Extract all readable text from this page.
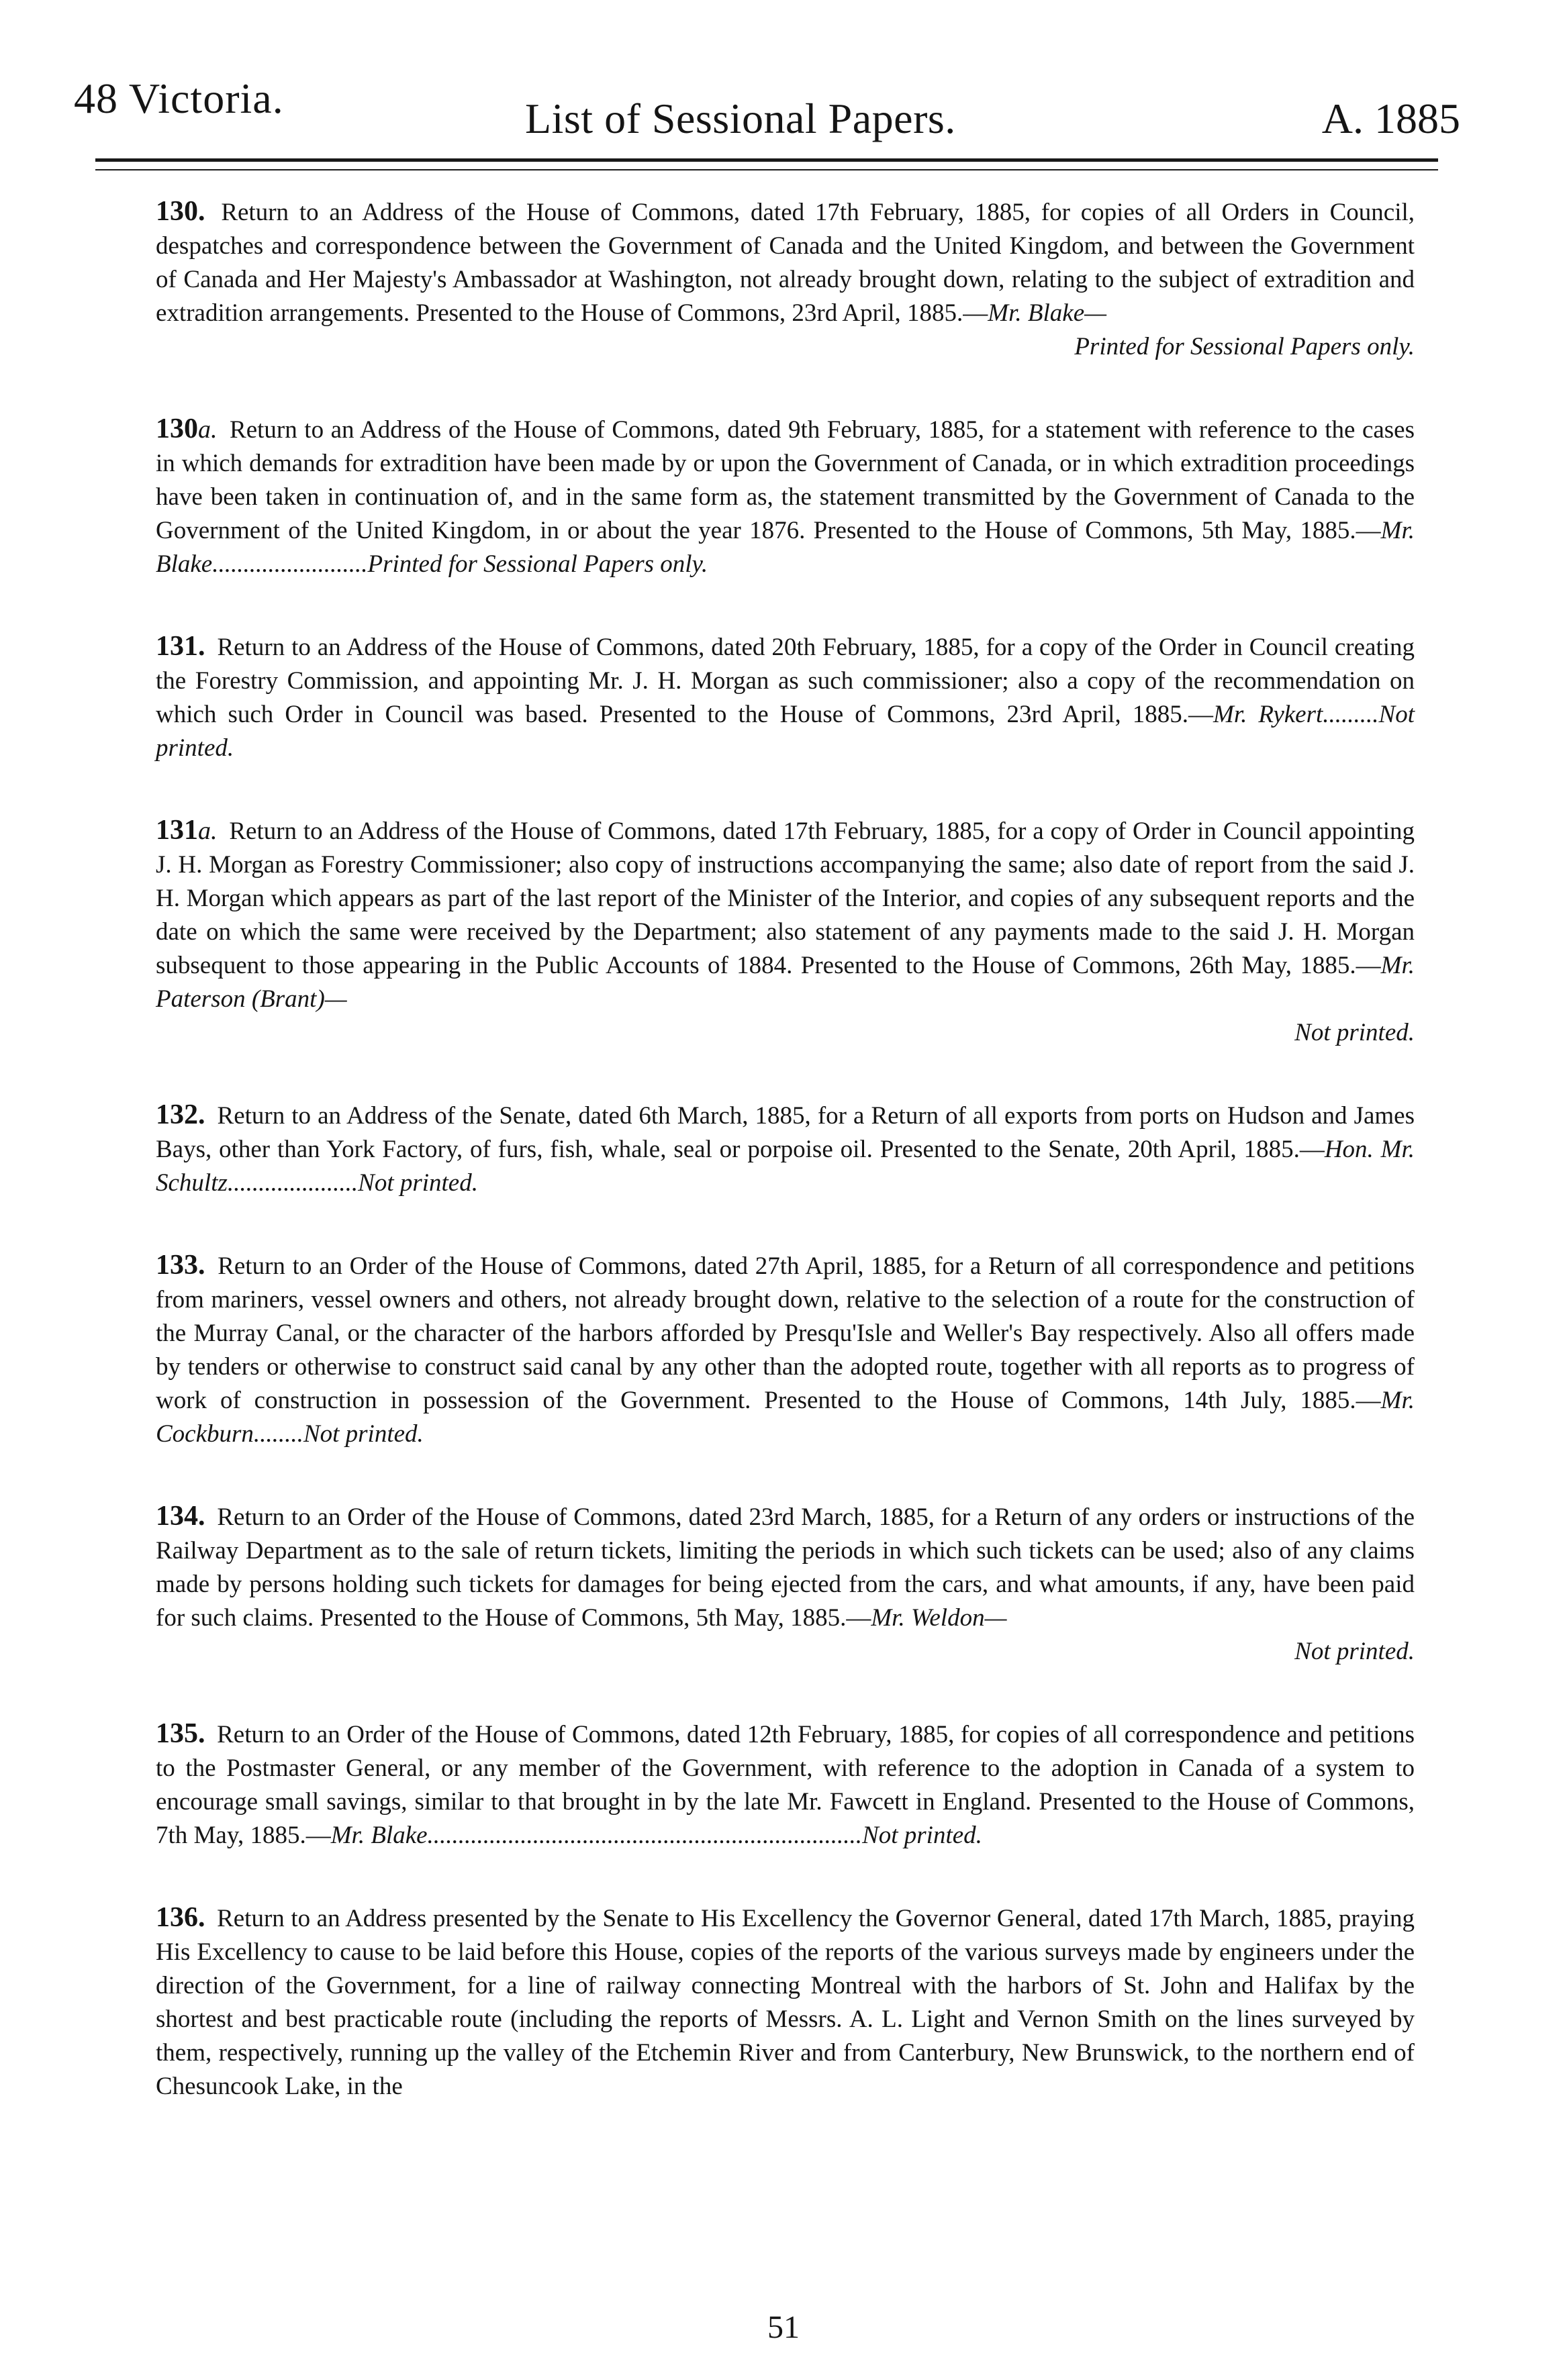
48 Victoria.	List of Sessional Papers.	A. 1885
130. Return to an Address of the House of Commons, dated 17th February, 1885, for copies of all Orders in Council, despatches and correspondence between the Government of Canada and the United Kingdom, and between the Government of Canada and Her Majesty's Ambassador at Washington, not already brought down, relating to the subject of extradition and extradition arrangements. Presented to the House of Commons, 23rd April, 1885.—Mr. Blake—
Printed for Sessional Papers only.
130a. Return to an Address of the House of Commons, dated 9th February, 1885, for a statement with reference to the cases in which demands for extradition have been made by or upon the Government of Canada, or in which extradition proceedings have been taken in continuation of, and in the same form as, the statement transmitted by the Government of Canada to the Government of the United Kingdom, in or about the year 1876. Presented to the House of Commons, 5th May, 1885.—Mr. Blake.........................Printed for Sessional Papers only.
131. Return to an Address of the House of Commons, dated 20th February, 1885, for a copy of the Order in Council creating the Forestry Commission, and appointing Mr. J. H. Morgan as such commissioner; also a copy of the recommendation on which such Order in Council was based. Presented to the House of Commons, 23rd April, 1885.—Mr. Rykert.........Not printed.
131a. Return to an Address of the House of Commons, dated 17th February, 1885, for a copy of Order in Council appointing J. H. Morgan as Forestry Commissioner; also copy of instructions accompanying the same; also date of report from the said J. H. Morgan which appears as part of the last report of the Minister of the Interior, and copies of any subsequent reports and the date on which the same were received by the Department; also statement of any payments made to the said J. H. Morgan subsequent to those appearing in the Public Accounts of 1884. Presented to the House of Commons, 26th May, 1885.—Mr. Paterson (Brant)—
Not printed.
132. Return to an Address of the Senate, dated 6th March, 1885, for a Return of all exports from ports on Hudson and James Bays, other than York Factory, of furs, fish, whale, seal or porpoise oil. Presented to the Senate, 20th April, 1885.—Hon. Mr. Schultz.....................Not printed.
133. Return to an Order of the House of Commons, dated 27th April, 1885, for a Return of all correspondence and petitions from mariners, vessel owners and others, not already brought down, relative to the selection of a route for the construction of the Murray Canal, or the character of the harbors afforded by Presqu'Isle and Weller's Bay respectively. Also all offers made by tenders or otherwise to construct said canal by any other than the adopted route, together with all reports as to progress of work of construction in possession of the Government. Presented to the House of Commons, 14th July, 1885.—Mr. Cockburn........Not printed.
134. Return to an Order of the House of Commons, dated 23rd March, 1885, for a Return of any orders or instructions of the Railway Department as to the sale of return tickets, limiting the periods in which such tickets can be used; also of any claims made by persons holding such tickets for damages for being ejected from the cars, and what amounts, if any, have been paid for such claims. Presented to the House of Commons, 5th May, 1885.—Mr. Weldon—
Not printed.
135. Return to an Order of the House of Commons, dated 12th February, 1885, for copies of all correspondence and petitions to the Postmaster General, or any member of the Government, with reference to the adoption in Canada of a system to encourage small savings, similar to that brought in by the late Mr. Fawcett in England. Presented to the House of Commons, 7th May, 1885.—Mr. Blake......................................................................Not printed.
136. Return to an Address presented by the Senate to His Excellency the Governor General, dated 17th March, 1885, praying His Excellency to cause to be laid before this House, copies of the reports of the various surveys made by engineers under the direction of the Government, for a line of railway connecting Montreal with the harbors of St. John and Halifax by the shortest and best practicable route (including the reports of Messrs. A. L. Light and Vernon Smith on the lines surveyed by them, respectively, running up the valley of the Etchemin River and from Canterbury, New Brunswick, to the northern end of Chesuncook Lake, in the
51
